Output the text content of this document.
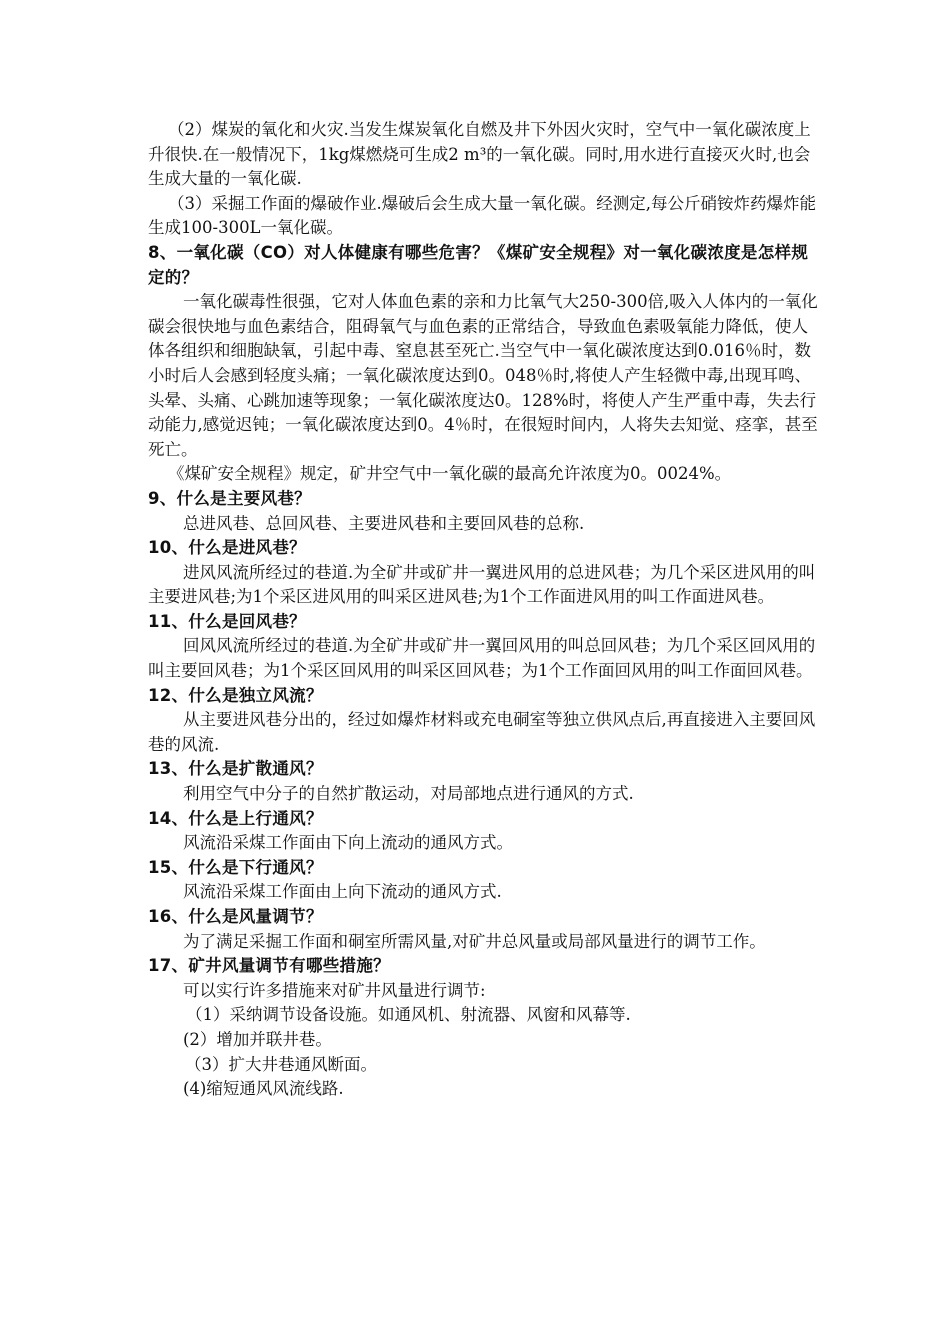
（2）煤炭的氧化和火灾.当发生煤炭氧化自燃及井下外因火灾时，空气中一氧化碳浓度上升很快.在一般情况下，1kg煤燃烧可生成2 m³的一氧化碳。同时,用水进行直接灭火时,也会生成大量的一氧化碳.

（3）采掘工作面的爆破作业.爆破后会生成大量一氧化碳。经测定,每公斤硝铵炸药爆炸能生成100-300L一氧化碳。

8、一氧化碳（CO）对人体健康有哪些危害？《煤矿安全规程》对一氧化碳浓度是怎样规定的？

一氧化碳毒性很强，它对人体血色素的亲和力比氧气大250-300倍,吸入人体内的一氧化碳会很快地与血色素结合，阻碍氧气与血色素的正常结合，导致血色素吸氧能力降低，使人体各组织和细胞缺氧，引起中毒、窒息甚至死亡.当空气中一氧化碳浓度达到0.016％时，数小时后人会感到轻度头痛；一氧化碳浓度达到0。048％时,将使人产生轻微中毒,出现耳鸣、头晕、头痛、心跳加速等现象；一氧化碳浓度达0。128%时，将使人产生严重中毒，失去行动能力,感觉迟钝；一氧化碳浓度达到0。4％时，在很短时间内，人将失去知觉、痉挛，甚至死亡。

《煤矿安全规程》规定，矿井空气中一氧化碳的最高允许浓度为0。0024%。

9、什么是主要风巷？

总进风巷、总回风巷、主要进风巷和主要回风巷的总称.

10、什么是进风巷？

进风风流所经过的巷道.为全矿井或矿井一翼进风用的总进风巷；为几个采区进风用的叫主要进风巷;为1个采区进风用的叫采区进风巷;为1个工作面进风用的叫工作面进风巷。

11、什么是回风巷？

回风风流所经过的巷道.为全矿井或矿井一翼回风用的叫总回风巷；为几个采区回风用的叫主要回风巷；为1个采区回风用的叫采区回风巷；为1个工作面回风用的叫工作面回风巷。

12、什么是独立风流？

从主要进风巷分出的，经过如爆炸材料或充电硐室等独立供风点后,再直接进入主要回风巷的风流.

13、什么是扩散通风？

利用空气中分子的自然扩散运动，对局部地点进行通风的方式.

14、什么是上行通风？

风流沿采煤工作面由下向上流动的通风方式。

15、什么是下行通风？

风流沿采煤工作面由上向下流动的通风方式.

16、什么是风量调节？

为了满足采掘工作面和硐室所需风量,对矿井总风量或局部风量进行的调节工作。

17、矿井风量调节有哪些措施？

可以实行许多措施来对矿井风量进行调节:

（1）采纳调节设备设施。如通风机、射流器、风窗和风幕等.

(2）增加并联井巷。

（3）扩大井巷通风断面。

(4)缩短通风风流线路.
